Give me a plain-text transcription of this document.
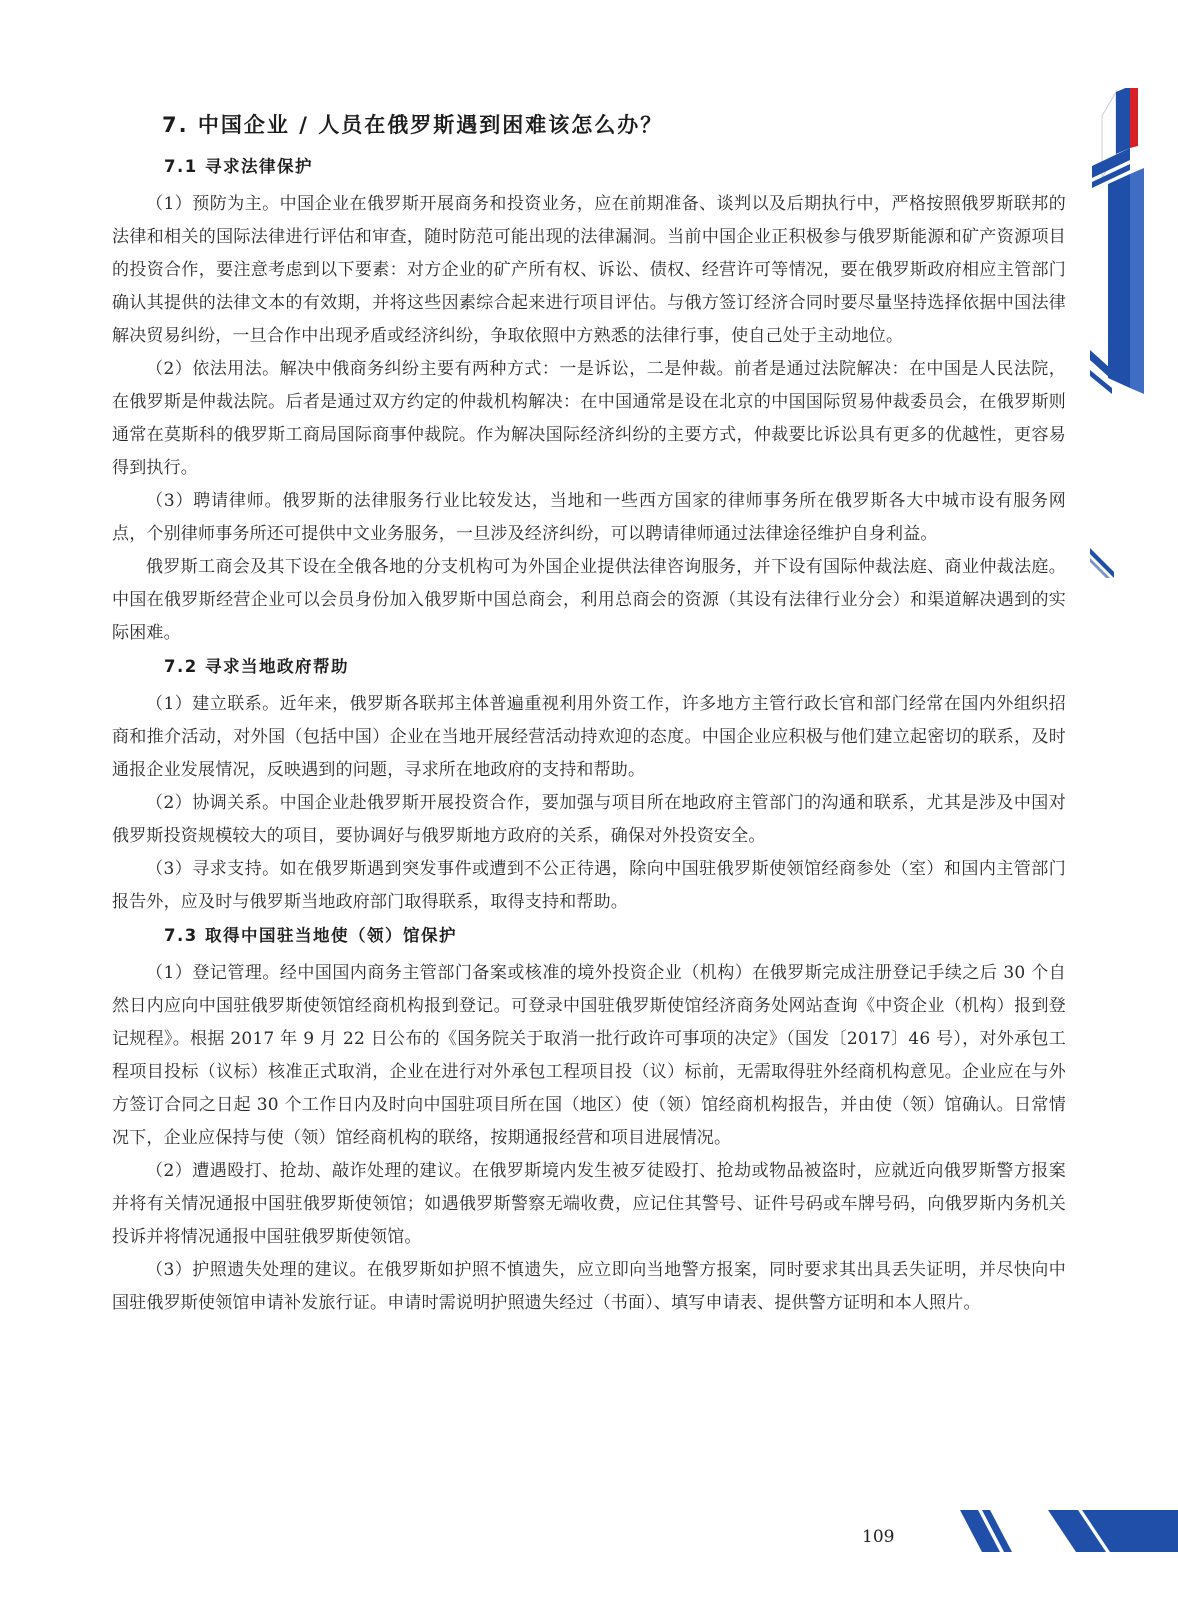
7. 中国企业 / 人员在俄罗斯遇到困难该怎么办？
7.1 寻求法律保护

（1）预防为主。中国企业在俄罗斯开展商务和投资业务，应在前期准备、谈判以及后期执行中，严格按照俄罗斯联邦的法律和相关的国际法律进行评估和审查，随时防范可能出现的法律漏洞。当前中国企业正积极参与俄罗斯能源和矿产资源项目的投资合作，要注意考虑到以下要素：对方企业的矿产所有权、诉讼、债权、经营许可等情况，要在俄罗斯政府相应主管部门确认其提供的法律文本的有效期，并将这些因素综合起来进行项目评估。与俄方签订经济合同时要尽量坚持选择依据中国法律解决贸易纠纷，一旦合作中出现矛盾或经济纠纷，争取依照中方熟悉的法律行事，使自己处于主动地位。

（2）依法用法。解决中俄商务纠纷主要有两种方式：一是诉讼，二是仲裁。前者是通过法院解决：在中国是人民法院，在俄罗斯是仲裁法院。后者是通过双方约定的仲裁机构解决：在中国通常是设在北京的中国国际贸易仲裁委员会，在俄罗斯则通常在莫斯科的俄罗斯工商局国际商事仲裁院。作为解决国际经济纠纷的主要方式，仲裁要比诉讼具有更多的优越性，更容易得到执行。

（3）聘请律师。俄罗斯的法律服务行业比较发达，当地和一些西方国家的律师事务所在俄罗斯各大中城市设有服务网点，个别律师事务所还可提供中文业务服务，一旦涉及经济纠纷，可以聘请律师通过法律途径维护自身利益。

俄罗斯工商会及其下设在全俄各地的分支机构可为外国企业提供法律咨询服务，并下设有国际仲裁法庭、商业仲裁法庭。中国在俄罗斯经营企业可以会员身份加入俄罗斯中国总商会，利用总商会的资源（其设有法律行业分会）和渠道解决遇到的实际困难。

7.2 寻求当地政府帮助

（1）建立联系。近年来，俄罗斯各联邦主体普遍重视利用外资工作，许多地方主管行政长官和部门经常在国内外组织招商和推介活动，对外国（包括中国）企业在当地开展经营活动持欢迎的态度。中国企业应积极与他们建立起密切的联系，及时通报企业发展情况，反映遇到的问题，寻求所在地政府的支持和帮助。

（2）协调关系。中国企业赴俄罗斯开展投资合作，要加强与项目所在地政府主管部门的沟通和联系，尤其是涉及中国对俄罗斯投资规模较大的项目，要协调好与俄罗斯地方政府的关系，确保对外投资安全。

（3）寻求支持。如在俄罗斯遇到突发事件或遭到不公正待遇，除向中国驻俄罗斯使领馆经商参处（室）和国内主管部门报告外，应及时与俄罗斯当地政府部门取得联系，取得支持和帮助。

7.3 取得中国驻当地使（领）馆保护

（1）登记管理。经中国国内商务主管部门备案或核准的境外投资企业（机构）在俄罗斯完成注册登记手续之后 30 个自然日内应向中国驻俄罗斯使领馆经商机构报到登记。可登录中国驻俄罗斯使馆经济商务处网站查询《中资企业（机构）报到登记规程》。根据 2017 年 9 月 22 日公布的《国务院关于取消一批行政许可事项的决定》（国发〔2017〕46 号），对外承包工程项目投标（议标）核准正式取消，企业在进行对外承包工程项目投（议）标前，无需取得驻外经商机构意见。企业应在与外方签订合同之日起 30 个工作日内及时向中国驻项目所在国（地区）使（领）馆经商机构报告，并由使（领）馆确认。日常情况下，企业应保持与使（领）馆经商机构的联络，按期通报经营和项目进展情况。

（2）遭遇殴打、抢劫、敲诈处理的建议。在俄罗斯境内发生被歹徒殴打、抢劫或物品被盗时，应就近向俄罗斯警方报案并将有关情况通报中国驻俄罗斯使领馆；如遇俄罗斯警察无端收费，应记住其警号、证件号码或车牌号码，向俄罗斯内务机关投诉并将情况通报中国驻俄罗斯使领馆。

（3）护照遗失处理的建议。在俄罗斯如护照不慎遗失，应立即向当地警方报案，同时要求其出具丢失证明，并尽快向中国驻俄罗斯使领馆申请补发旅行证。申请时需说明护照遗失经过（书面）、填写申请表、提供警方证明和本人照片。

109
